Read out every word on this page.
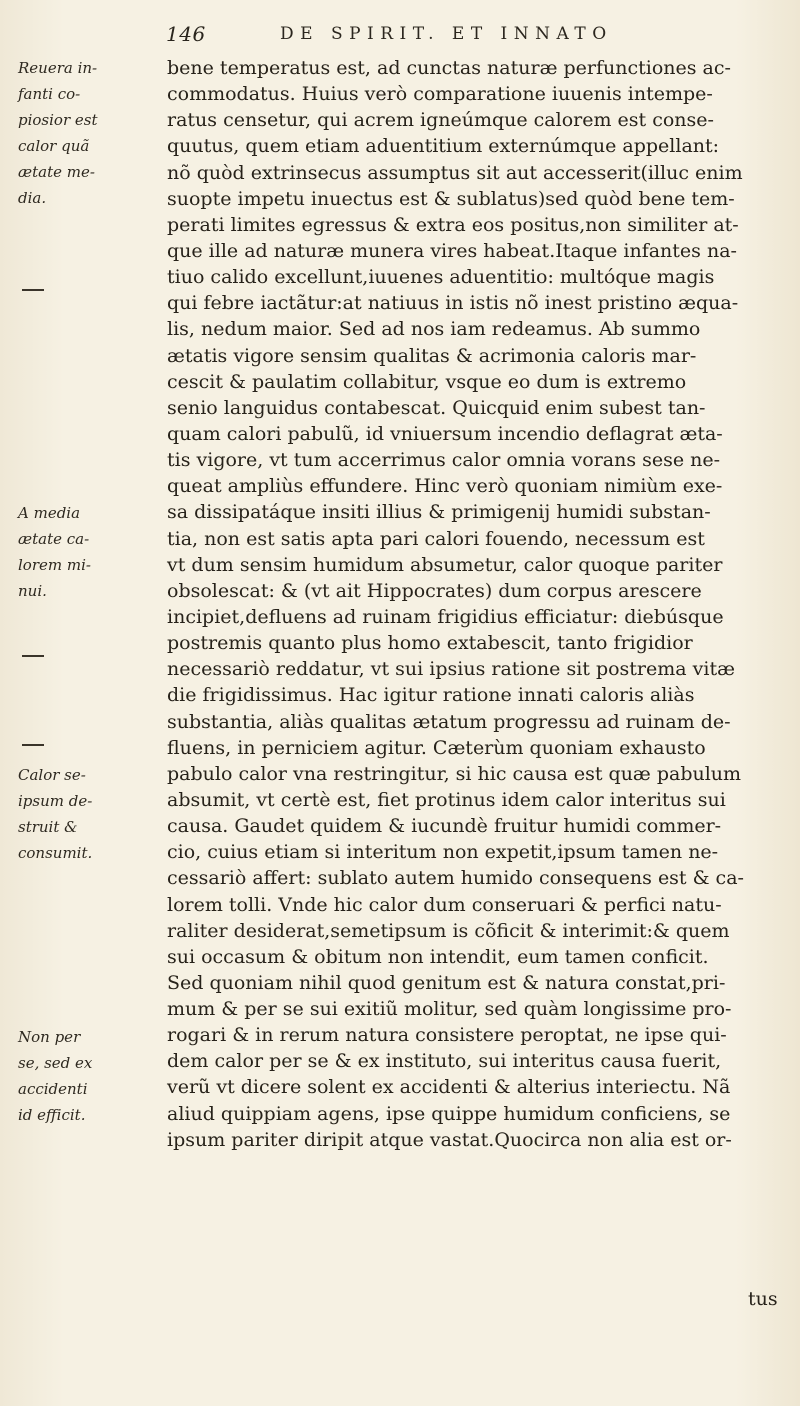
146	DE SPIRIT. ET INNATO
Reuera in-
fanti co-
piosior est
calor quã
ætate me-
dia.
A media
ætate ca-
lorem mi-
nui.
Calor se-
ipsum de-
struit &
consumit.
Non per
se, sed ex
accidenti
id efficit.
bene temperatus est, ad cunctas naturæ perfunctiones ac-
commodatus. Huius verò comparatione iuuenis intempe-
ratus censetur, qui acrem igneúmque calorem est conse-
quutus, quem etiam aduentitium externúmque appellant:
nõ quòd extrinsecus assumptus sit aut accesserit(illuc enim
suopte impetu inuectus est & sublatus)sed quòd bene tem-
perati limites egressus & extra eos positus,non similiter at-
que ille ad naturæ munera vires habeat.Itaque infantes na-
tiuo calido excellunt,iuuenes aduentitio: multóque magis
qui febre iactãtur:at natiuus in istis nõ inest pristino æqua-
lis, nedum maior. Sed ad nos iam redeamus. Ab summo
ætatis vigore sensim qualitas & acrimonia caloris mar-
cescit & paulatim collabitur, vsque eo dum is extremo
senio languidus contabescat. Quicquid enim subest tan-
quam calori pabulũ, id vniuersum incendio deflagrat æta-
tis vigore, vt tum accerrimus calor omnia vorans sese ne-
queat ampliùs effundere. Hinc verò quoniam nimiùm exe-
sa dissipatáque insiti illius & primigenij humidi substan-
tia, non est satis apta pari calori fouendo, necessum est
vt dum sensim humidum absumetur, calor quoque pariter
obsolescat: & (vt ait Hippocrates) dum corpus arescere
incipiet,defluens ad ruinam frigidius efficiatur: diebúsque
postremis quanto plus homo extabescit, tanto frigidior
necessariò reddatur, vt sui ipsius ratione sit postrema vitæ
die frigidissimus. Hac igitur ratione innati caloris aliàs
substantia, aliàs qualitas ætatum progressu ad ruinam de-
fluens, in perniciem agitur. Cæterùm quoniam exhausto
pabulo calor vna restringitur, si hic causa est quæ pabulum
absumit, vt certè est, fiet protinus idem calor interitus sui
causa. Gaudet quidem & iucundè fruitur humidi commer-
cio, cuius etiam si interitum non expetit,ipsum tamen ne-
cessariò affert: sublato autem humido consequens est & ca-
lorem tolli. Vnde hic calor dum conseruari & perfici natu-
raliter desiderat,semetipsum is cõficit & interimit:& quem
sui occasum & obitum non intendit, eum tamen conficit.
Sed quoniam nihil quod genitum est & natura constat,pri-
mum & per se sui exitiũ molitur, sed quàm longissime pro-
rogari & in rerum natura consistere peroptat, ne ipse qui-
dem calor per se & ex instituto, sui interitus causa fuerit,
verũ vt dicere solent ex accidenti & alterius interiectu. Nã
aliud quippiam agens, ipse quippe humidum conficiens, se
ipsum pariter diripit atque vastat.Quocirca non alia est or-
tus
